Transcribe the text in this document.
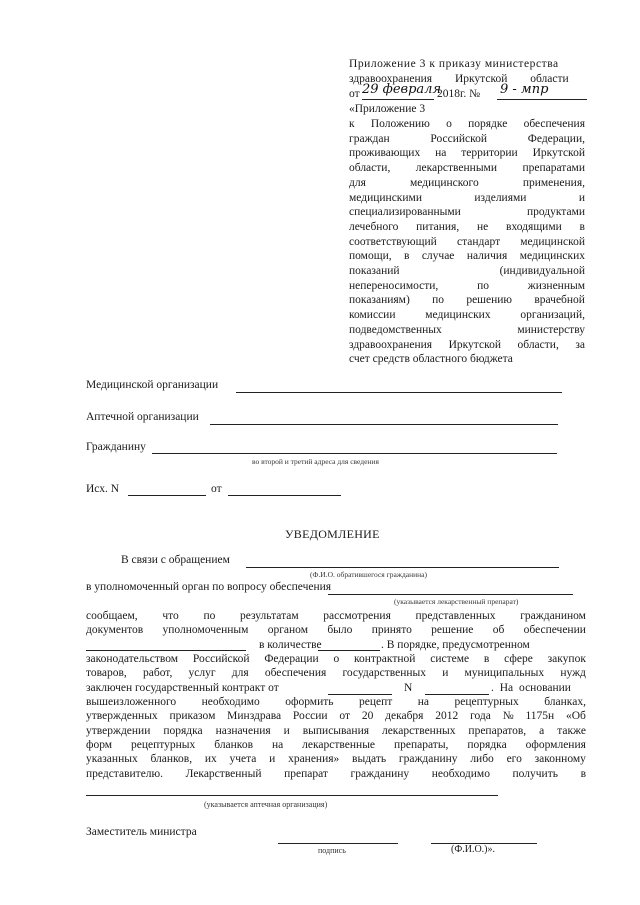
Приложение 3 к приказу министерства
здравоохранения Иркутской области
от 29 февраля
2018г. № 9 - мпр
«Приложение 3
к Положению о порядке обеспечения
граждан	Российской	Федерации,
проживающих на территории Иркутской
области, лекарственными препаратами
для	медицинского	применения,
медицинскими	изделиями	и
специализированными	продуктами
лечебного питания, не входящими в
соответствующий стандарт медицинской
помощи, в случае наличия медицинских
показаний	(индивидуальной
непереносимости,	по	жизненным
показаниям) по решению врачебной
комиссии	медицинских	организаций,
подведомственных	министерству
здравоохранения Иркутской области, за
счет средств областного бюджета
Медицинской организации
Аптечной организации
Гражданину
во второй и третий адреса для сведения
Исх. N	от
УВЕДОМЛЕНИЕ
В связи с обращением
(Ф.И.О. обратившегося гражданина)
в уполномоченный орган по вопросу обеспечения
(указывается лекарственный препарат)
сообщаем, что по результатам рассмотрения представленных гражданином
документов уполномоченным органом было принято решение об обеспечении
в количестве	. В порядке, предусмотренном
законодательством Российской Федерации о контрактной системе в сфере закупок
товаров, работ, услуг для обеспечения государственных и муниципальных нужд
заключен государственный контракт от	N	. На основании
вышеизложенного необходимо оформить рецепт на рецептурных бланках,
утвержденных приказом Минздрава России от 20 декабря 2012 года № 1175н «Об
утверждении порядка назначения и выписывания лекарственных препаратов, а также
форм рецептурных бланков на лекарственные препараты, порядка оформления
указанных бланков, их учета и хранения» выдать гражданину либо его законному
представителю. Лекарственный препарат гражданину необходимо получить в
(указывается аптечная организация)
Заместитель министра
подпись	(Ф.И.О.)».
